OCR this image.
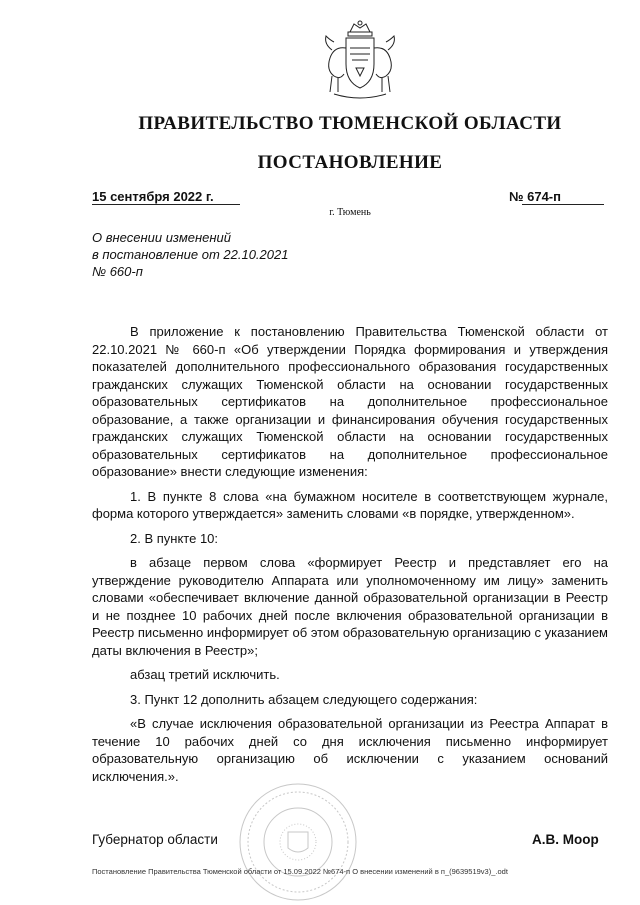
ПРАВИТЕЛЬСТВО ТЮМЕНСКОЙ ОБЛАСТИ
ПОСТАНОВЛЕНИЕ
15 сентября 2022 г.	№ 674-п
г. Тюмень
О внесении изменений
в постановление от 22.10.2021
№ 660-п

В приложение к постановлению Правительства Тюменской области от 22.10.2021 № 660-п «Об утверждении Порядка формирования и утверждения показателей дополнительного профессионального образования государственных гражданских служащих Тюменской области на основании государственных образовательных сертификатов на дополнительное профессиональное образование, а также организации и финансирования обучения государственных гражданских служащих Тюменской области на основании государственных образовательных сертификатов на дополнительное профессиональное образование» внести следующие изменения:

1. В пункте 8 слова «на бумажном носителе в соответствующем журнале, форма которого утверждается» заменить словами «в порядке, утвержденном».

2. В пункте 10:

в абзаце первом слова «формирует Реестр и представляет его на утверждение руководителю Аппарата или уполномоченному им лицу» заменить словами «обеспечивает включение данной образовательной организации в Реестр и не позднее 10 рабочих дней после включения образовательной организации в Реестр письменно информирует об этом образовательную организацию с указанием даты включения в Реестр»;

абзац третий исключить.

3. Пункт 12 дополнить абзацем следующего содержания:

«В случае исключения образовательной организации из Реестра Аппарат в течение 10 рабочих дней со дня исключения письменно информирует образовательную организацию об исключении с указанием оснований исключения.».

Губернатор области	А.В. Моор
Постановление Правительства Тюменской области от 15.09.2022 №674-п О внесении изменений в п_(9639519v3)_.odt
